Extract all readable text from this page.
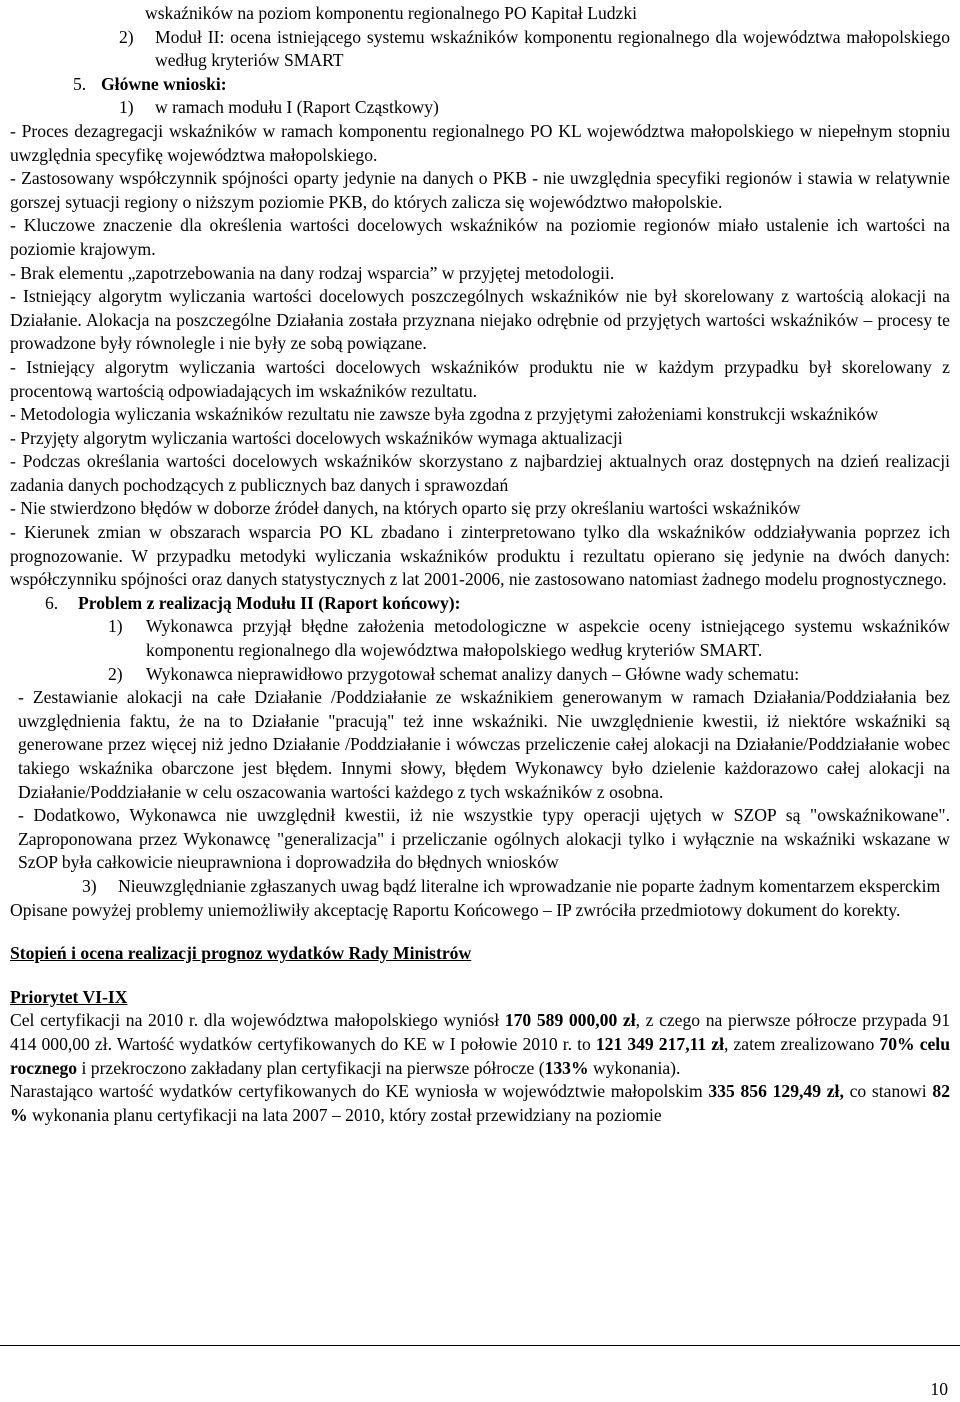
wskaźników na poziom komponentu regionalnego PO Kapitał Ludzki

2)	Moduł II: ocena istniejącego systemu wskaźników komponentu regionalnego dla województwa małopolskiego według kryteriów SMART
5. Główne wnioski:
1)	w ramach modułu I (Raport Cząstkowy)

- Proces dezagregacji wskaźników w ramach komponentu regionalnego PO KL województwa małopolskiego w niepełnym stopniu uwzględnia specyfikę województwa małopolskiego.

- Zastosowany współczynnik spójności oparty jedynie na danych o PKB - nie uwzględnia specyfiki regionów i stawia w relatywnie gorszej sytuacji regiony o niższym poziomie PKB, do których zalicza się województwo małopolskie.

- Kluczowe znaczenie dla określenia wartości docelowych wskaźników na poziomie regionów miało ustalenie ich wartości na poziomie krajowym.

- Brak elementu „zapotrzebowania na dany rodzaj wsparcia” w przyjętej metodologii.

- Istniejący algorytm wyliczania wartości docelowych poszczególnych wskaźników nie był skorelowany z wartością alokacji na Działanie. Alokacja na poszczególne Działania została przyznana niejako odrębnie od przyjętych wartości wskaźników – procesy te prowadzone były równolegle i nie były ze sobą powiązane.

- Istniejący algorytm wyliczania wartości docelowych wskaźników produktu nie w każdym przypadku był skorelowany z procentową wartością odpowiadających im wskaźników rezultatu.

- Metodologia wyliczania wskaźników rezultatu nie zawsze była zgodna z przyjętymi założeniami konstrukcji wskaźników

- Przyjęty algorytm wyliczania wartości docelowych wskaźników wymaga aktualizacji

- Podczas określania wartości docelowych wskaźników skorzystano z najbardziej aktualnych oraz dostępnych na dzień realizacji zadania danych pochodzących z publicznych baz danych i sprawozdań

- Nie stwierdzono błędów w doborze źródeł danych, na których oparto się przy określaniu wartości wskaźników

- Kierunek zmian w obszarach wsparcia PO KL zbadano i zinterpretowano tylko dla wskaźników oddziaływania poprzez ich prognozowanie. W przypadku metodyki wyliczania wskaźników produktu i rezultatu opierano się jedynie na dwóch danych: współczynniku spójności oraz danych statystycznych z lat 2001-2006, nie zastosowano natomiast żadnego modelu prognostycznego.

6.	Problem z realizacją Modułu II (Raport końcowy):
1)	Wykonawca przyjął błędne założenia metodologiczne w aspekcie oceny istniejącego systemu wskaźników komponentu regionalnego dla województwa małopolskiego według kryteriów SMART.
2)	Wykonawca nieprawidłowo przygotował schemat analizy danych – Główne wady schematu:

- Zestawianie alokacji na całe Działanie /Poddziałanie ze wskaźnikiem generowanym w ramach Działania/Poddziałania bez uwzględnienia faktu, że na to Działanie "pracują" też inne wskaźniki. Nie uwzględnienie kwestii, iż niektóre wskaźniki są generowane przez więcej niż jedno Działanie /Poddziałanie i wówczas przeliczenie całej alokacji na Działanie/Poddziałanie wobec takiego wskaźnika obarczone jest błędem. Innymi słowy, błędem Wykonawcy było dzielenie każdorazowo całej alokacji na Działanie/Poddziałanie w celu oszacowania wartości każdego z tych wskaźników z osobna.

- Dodatkowo, Wykonawca nie uwzględnił kwestii, iż nie wszystkie typy operacji ujętych w SZOP są "owskaźnikowane". Zaproponowana przez Wykonawcę "generalizacja" i przeliczanie ogólnych alokacji tylko i wyłącznie na wskaźniki wskazane w SzOP była całkowicie nieuprawniona i doprowadziła do błędnych wniosków

3)	Nieuwzględnianie zgłaszanych uwag bądź literalne ich wprowadzanie nie poparte żadnym komentarzem eksperckim

Opisane powyżej problemy uniemożliwiły akceptację Raportu Końcowego – IP zwróciła przedmiotowy dokument do korekty.

Stopień i ocena realizacji prognoz wydatków Rady Ministrów

Priorytet VI-IX

Cel certyfikacji na 2010 r. dla województwa małopolskiego wyniósł 170 589 000,00 zł, z czego na pierwsze półrocze przypada 91 414 000,00 zł. Wartość wydatków certyfikowanych do KE w I połowie 2010 r. to 121 349 217,11 zł, zatem zrealizowano 70% celu rocznego i przekroczono zakładany plan certyfikacji na pierwsze półrocze (133% wykonania).

Narastająco wartość wydatków certyfikowanych do KE wyniosła w województwie małopolskim 335 856 129,49 zł, co stanowi 82 % wykonania planu certyfikacji na lata 2007 – 2010, który został przewidziany na poziomie

10
